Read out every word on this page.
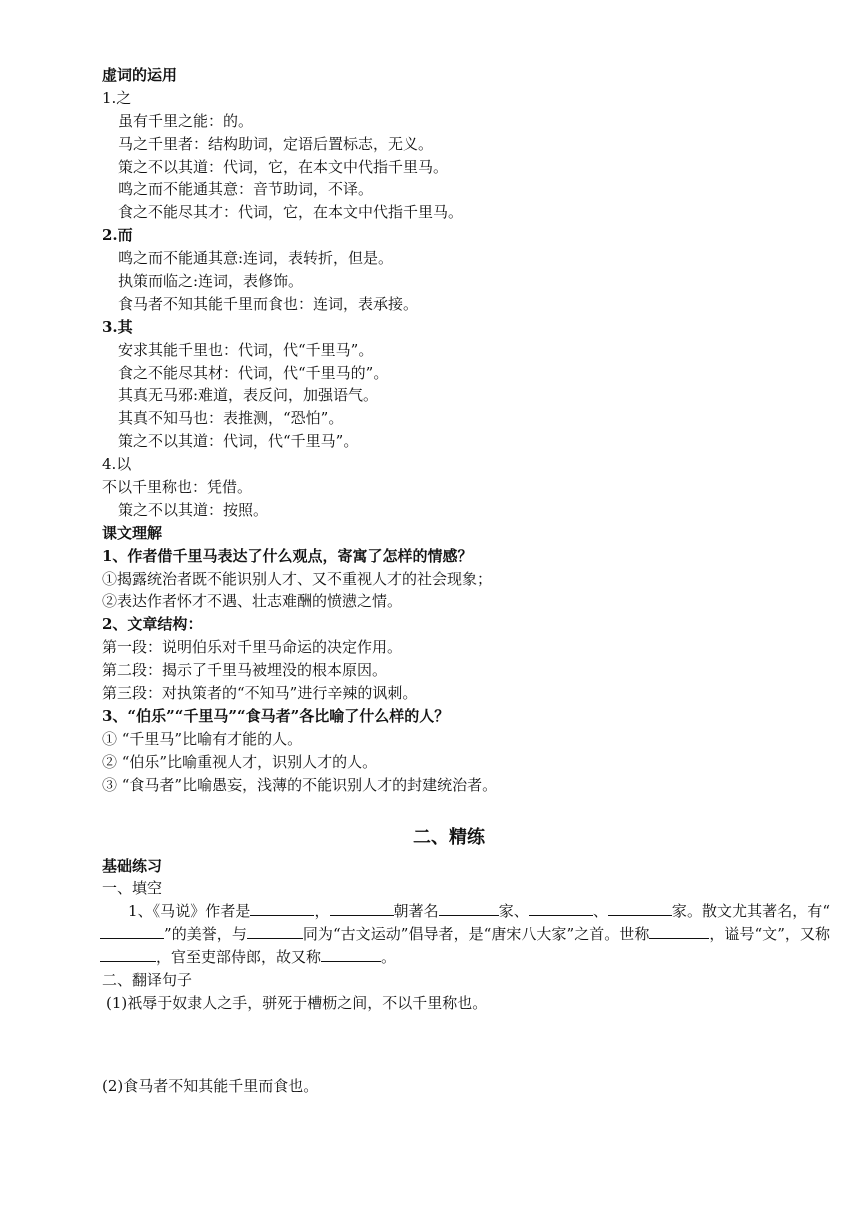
虚词的运用
1.之
虽有千里之能：的。
马之千里者：结构助词，定语后置标志，无义。
策之不以其道：代词，它，在本文中代指千里马。
鸣之而不能通其意：音节助词，不译。
食之不能尽其才：代词，它，在本文中代指千里马。
2.而
鸣之而不能通其意:连词，表转折，但是。
执策而临之:连词，表修饰。
食马者不知其能千里而食也：连词，表承接。
3.其
安求其能千里也：代词，代“千里马”。
食之不能尽其材：代词，代“千里马的”。
其真无马邪:难道，表反问，加强语气。
其真不知马也：表推测，“恐怕”。
策之不以其道：代词，代“千里马”。
4.以
不以千里称也：凭借。
策之不以其道：按照。
课文理解
1、作者借千里马表达了什么观点，寄寓了怎样的情感？
①揭露统治者既不能识别人才、又不重视人才的社会现象；
②表达作者怀才不遇、壮志难酬的愤懑之情。
2、文章结构：
第一段：说明伯乐对千里马命运的决定作用。
第二段：揭示了千里马被埋没的根本原因。
第三段：对执策者的“不知马”进行辛辣的讽刺。
3、“伯乐”“千里马”“食马者”各比喻了什么样的人？
① “千里马”比喻有才能的人。
② “伯乐”比喻重视人才，识别人才的人。
③ “食马者”比喻愚妄，浅薄的不能识别人才的封建统治者。
二、精练
基础练习
一、填空
1、《马说》作者是	，	朝著名	家、	、	家。散文尤其著名，有“”的美誉，与	同为“古文运动”倡导者，是“唐宋八大家”之首。世称	，谥号“文”，又称，官至吏部侍郎，故又称	。
二、翻译句子
(1)祇辱于奴隶人之手，骈死于槽枥之间，不以千里称也。
(2)食马者不知其能千里而食也。
